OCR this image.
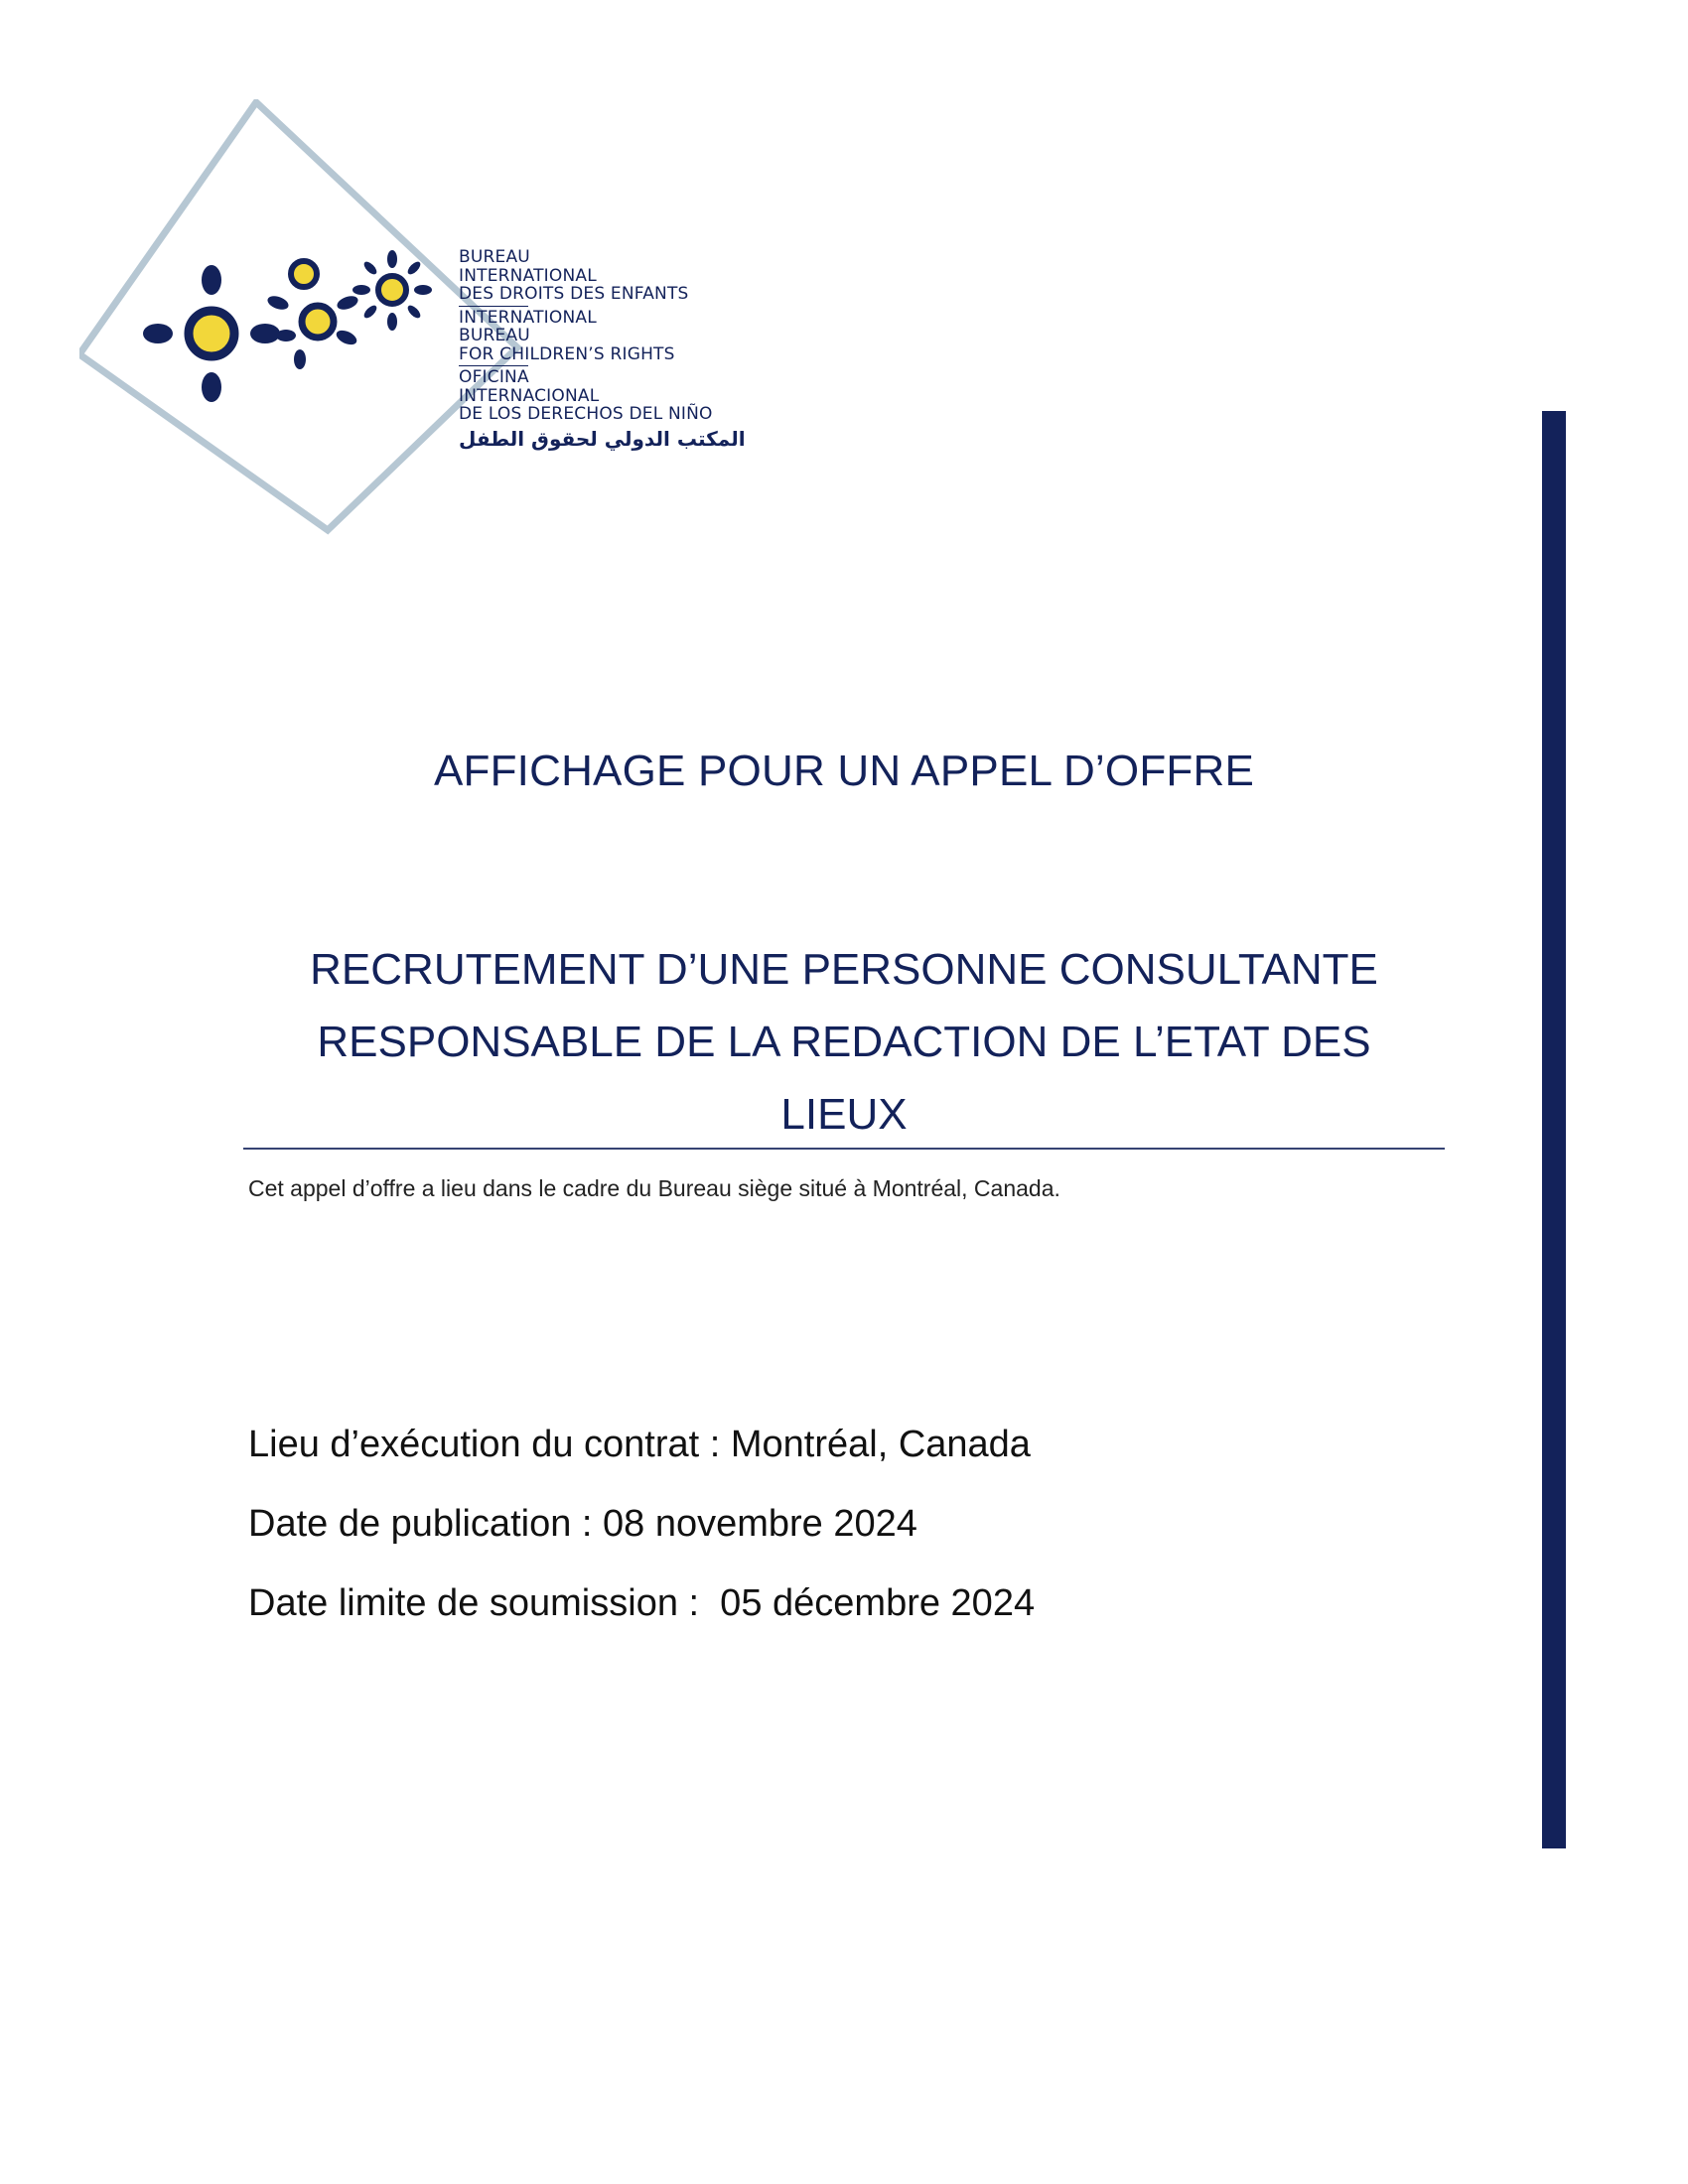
BUREAU
INTERNATIONAL
DES DROITS DES ENFANTS
INTERNATIONAL
BUREAU
FOR CHILDREN’S RIGHTS
OFICINA
INTERNACIONAL
DE LOS DERECHOS DEL NIÑO
المكتب الدولي لحقوق الطفل
AFFICHAGE POUR UN APPEL D’OFFRE
RECRUTEMENT D’UNE PERSONNE CONSULTANTE
RESPONSABLE DE LA REDACTION DE L’ETAT DES
LIEUX
Cet appel d’offre a lieu dans le cadre du Bureau siège situé à Montréal, Canada.
Lieu d’exécution du contrat : Montréal, Canada
Date de publication : 08 novembre 2024
Date limite de soumission :  05 décembre 2024
